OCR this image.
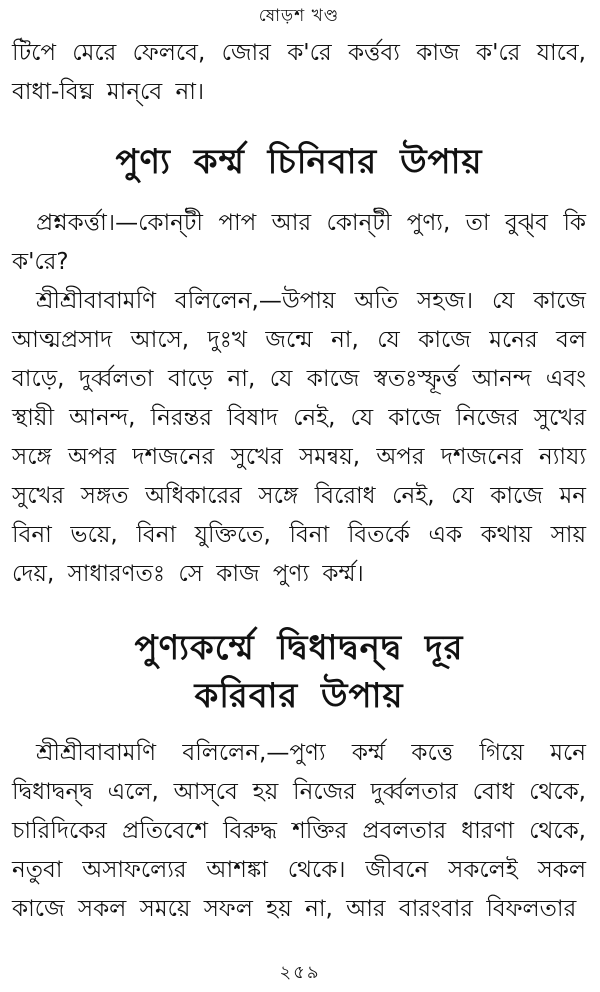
ষোড়শ খণ্ড

টিপে মেরে ফেলবে, জোর ক'রে কর্ত্তব্য কাজ ক'রে যাবে, বাধা-বিঘ্ন মান্‌বে না।

পুণ্য কর্ম্ম চিনিবার উপায়

প্রশ্নকর্ত্তা।—কোন্‌টী পাপ আর কোন্‌টী পুণ্য, তা বুঝ্‌ব কি ক'রে?

শ্রীশ্রীবাবামণি বলিলেন,—উপায় অতি সহজ। যে কাজে আত্মপ্রসাদ আসে, দুঃখ জন্মে না, যে কাজে মনের বল বাড়ে, দুর্ব্বলতা বাড়ে না, যে কাজে স্বতঃস্ফূর্ত্ত আনন্দ এবং স্থায়ী আনন্দ, নিরন্তর বিষাদ নেই, যে কাজে নিজের সুখের সঙ্গে অপর দশজনের সুখের সমন্বয়, অপর দশজনের ন্যায্য সুখের সঙ্গত অধিকারের সঙ্গে বিরোধ নেই, যে কাজে মন বিনা ভয়ে, বিনা যুক্তিতে, বিনা বিতর্কে এক কথায় সায় দেয়, সাধারণতঃ সে কাজ পুণ্য কর্ম্ম।

পুণ্যকর্ম্মে দ্বিধাদ্বন্দ্ব দূর
করিবার উপায়

শ্রীশ্রীবাবামণি বলিলেন,—পুণ্য কর্ম্ম কত্তে গিয়ে মনে দ্বিধাদ্বন্দ্ব এলে, আস্‌বে হয় নিজের দুর্ব্বলতার বোধ থেকে, চারিদিকের প্রতিবেশে বিরুদ্ধ শক্তির প্রবলতার ধারণা থেকে, নতুবা অসাফল্যের আশঙ্কা থেকে। জীবনে সকলেই সকল কাজে সকল সময়ে সফল হয় না, আর বারংবার বিফলতার

২৫৯
